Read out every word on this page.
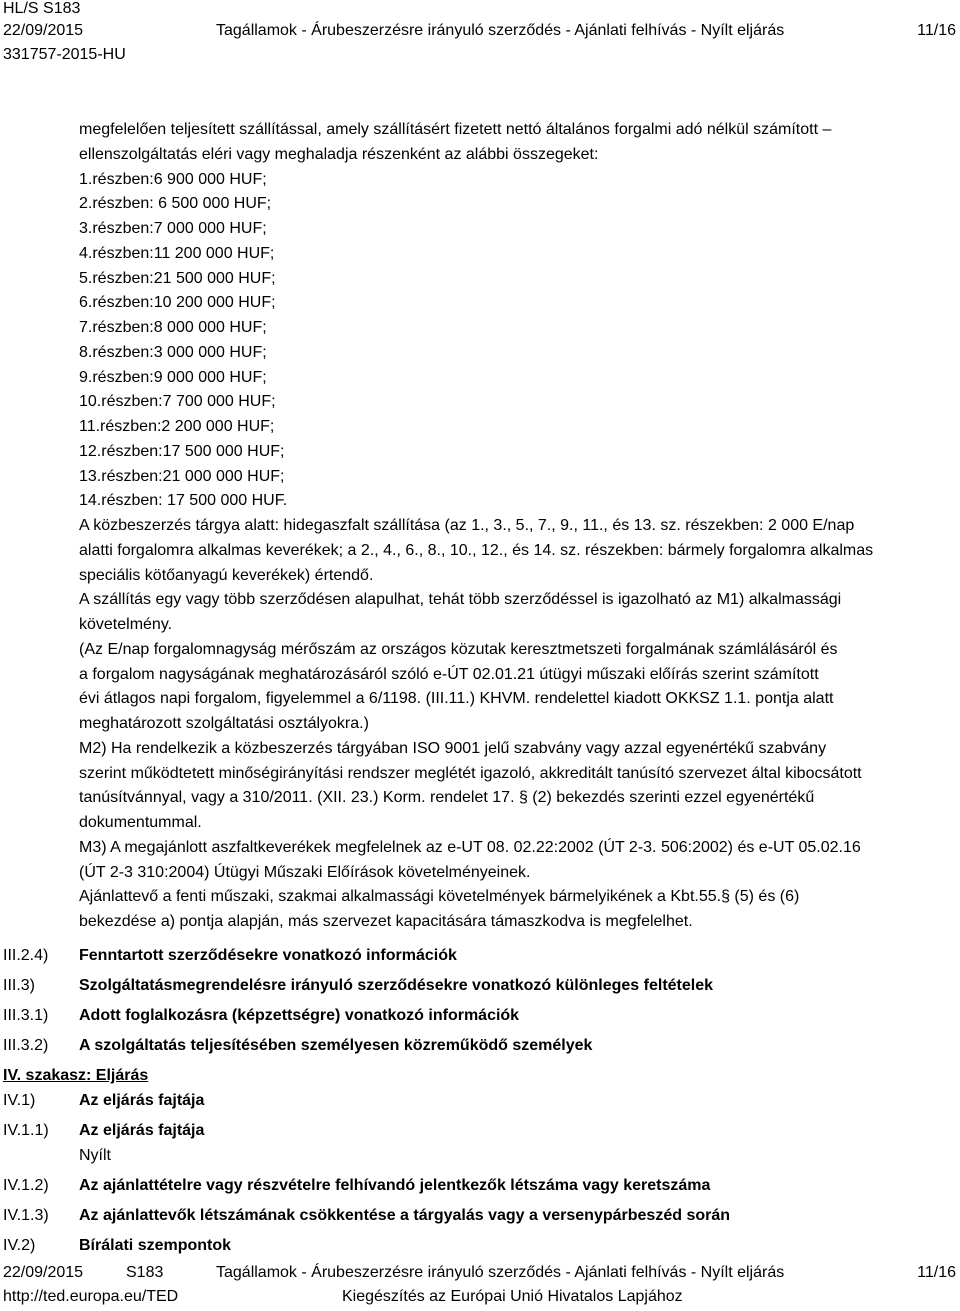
HL/S S183
22/09/2015
331757-2015-HU
Tagállamok - Árubeszerzésre irányuló szerződés - Ajánlati felhívás - Nyílt eljárás	11/16
megfelelően teljesített szállítással, amely szállításért fizetett nettó általános forgalmi adó nélkül számított –
ellenszolgáltatás eléri vagy meghaladja részenként az alábbi összegeket:
1.részben:6 900 000 HUF;
2.részben: 6 500 000 HUF;
3.részben:7 000 000 HUF;
4.részben:11 200 000 HUF;
5.részben:21 500 000 HUF;
6.részben:10 200 000 HUF;
7.részben:8 000 000 HUF;
8.részben:3 000 000 HUF;
9.részben:9 000 000 HUF;
10.részben:7 700 000 HUF;
11.részben:2 200 000 HUF;
12.részben:17 500 000 HUF;
13.részben:21 000 000 HUF;
14.részben: 17 500 000 HUF.
A közbeszerzés tárgya alatt: hidegaszfalt szállítása (az 1., 3., 5., 7., 9., 11., és 13. sz. részekben: 2 000 E/nap
alatti forgalomra alkalmas keverékek; a 2., 4., 6., 8., 10., 12., és 14. sz. részekben: bármely forgalomra alkalmas
speciális kötőanyagú keverékek) értendő.
A szállítás egy vagy több szerződésen alapulhat, tehát több szerződéssel is igazolható az M1) alkalmassági
követelmény.
(Az E/nap forgalomnagyság mérőszám az országos közutak keresztmetszeti forgalmának számlálásáról és
a forgalom nagyságának meghatározásáról szóló e-ÚT 02.01.21 útügyi műszaki előírás szerint számított
évi átlagos napi forgalom, figyelemmel a 6/1198. (III.11.) KHVM. rendelettel kiadott OKKSZ 1.1. pontja alatt
meghatározott szolgáltatási osztályokra.)
M2) Ha rendelkezik a közbeszerzés tárgyában ISO 9001 jelű szabvány vagy azzal egyenértékű szabvány
szerint működtetett minőségirányítási rendszer meglétét igazoló, akkreditált tanúsító szervezet által kibocsátott
tanúsítvánnyal, vagy a 310/2011. (XII. 23.) Korm. rendelet 17. § (2) bekezdés szerinti ezzel egyenértékű
dokumentummal.
M3) A megajánlott aszfaltkeverékek megfelelnek az e-UT 08. 02.22:2002 (ÚT 2-3. 506:2002) és e-UT 05.02.16
(ÚT 2-3 310:2004) Útügyi Műszaki Előírások követelményeinek.
Ajánlattevő a fenti műszaki, szakmai alkalmassági követelmények bármelyikének a Kbt.55.§ (5) és (6)
bekezdése a) pontja alapján, más szervezet kapacitására támaszkodva is megfelelhet.
III.2.4) Fenntartott szerződésekre vonatkozó információk
III.3)	Szolgáltatásmegrendelésre irányuló szerződésekre vonatkozó különleges feltételek
III.3.1) Adott foglalkozásra (képzettségre) vonatkozó információk
III.3.2) A szolgáltatás teljesítésében személyesen közreműködő személyek
IV. szakasz: Eljárás
IV.1)	Az eljárás fajtája
IV.1.1) Az eljárás fajtája
Nyílt
IV.1.2) Az ajánlattételre vagy részvételre felhívandó jelentkezők létszáma vagy keretszáma
IV.1.3) Az ajánlattevők létszámának csökkentése a tárgyalás vagy a versenypárbeszéd során
IV.2)	Bírálati szempontok
22/09/2015	S183	Tagállamok - Árubeszerzésre irányuló szerződés - Ajánlati felhívás - Nyílt eljárás	11/16
http://ted.europa.eu/TED	Kiegészítés az Európai Unió Hivatalos Lapjához
